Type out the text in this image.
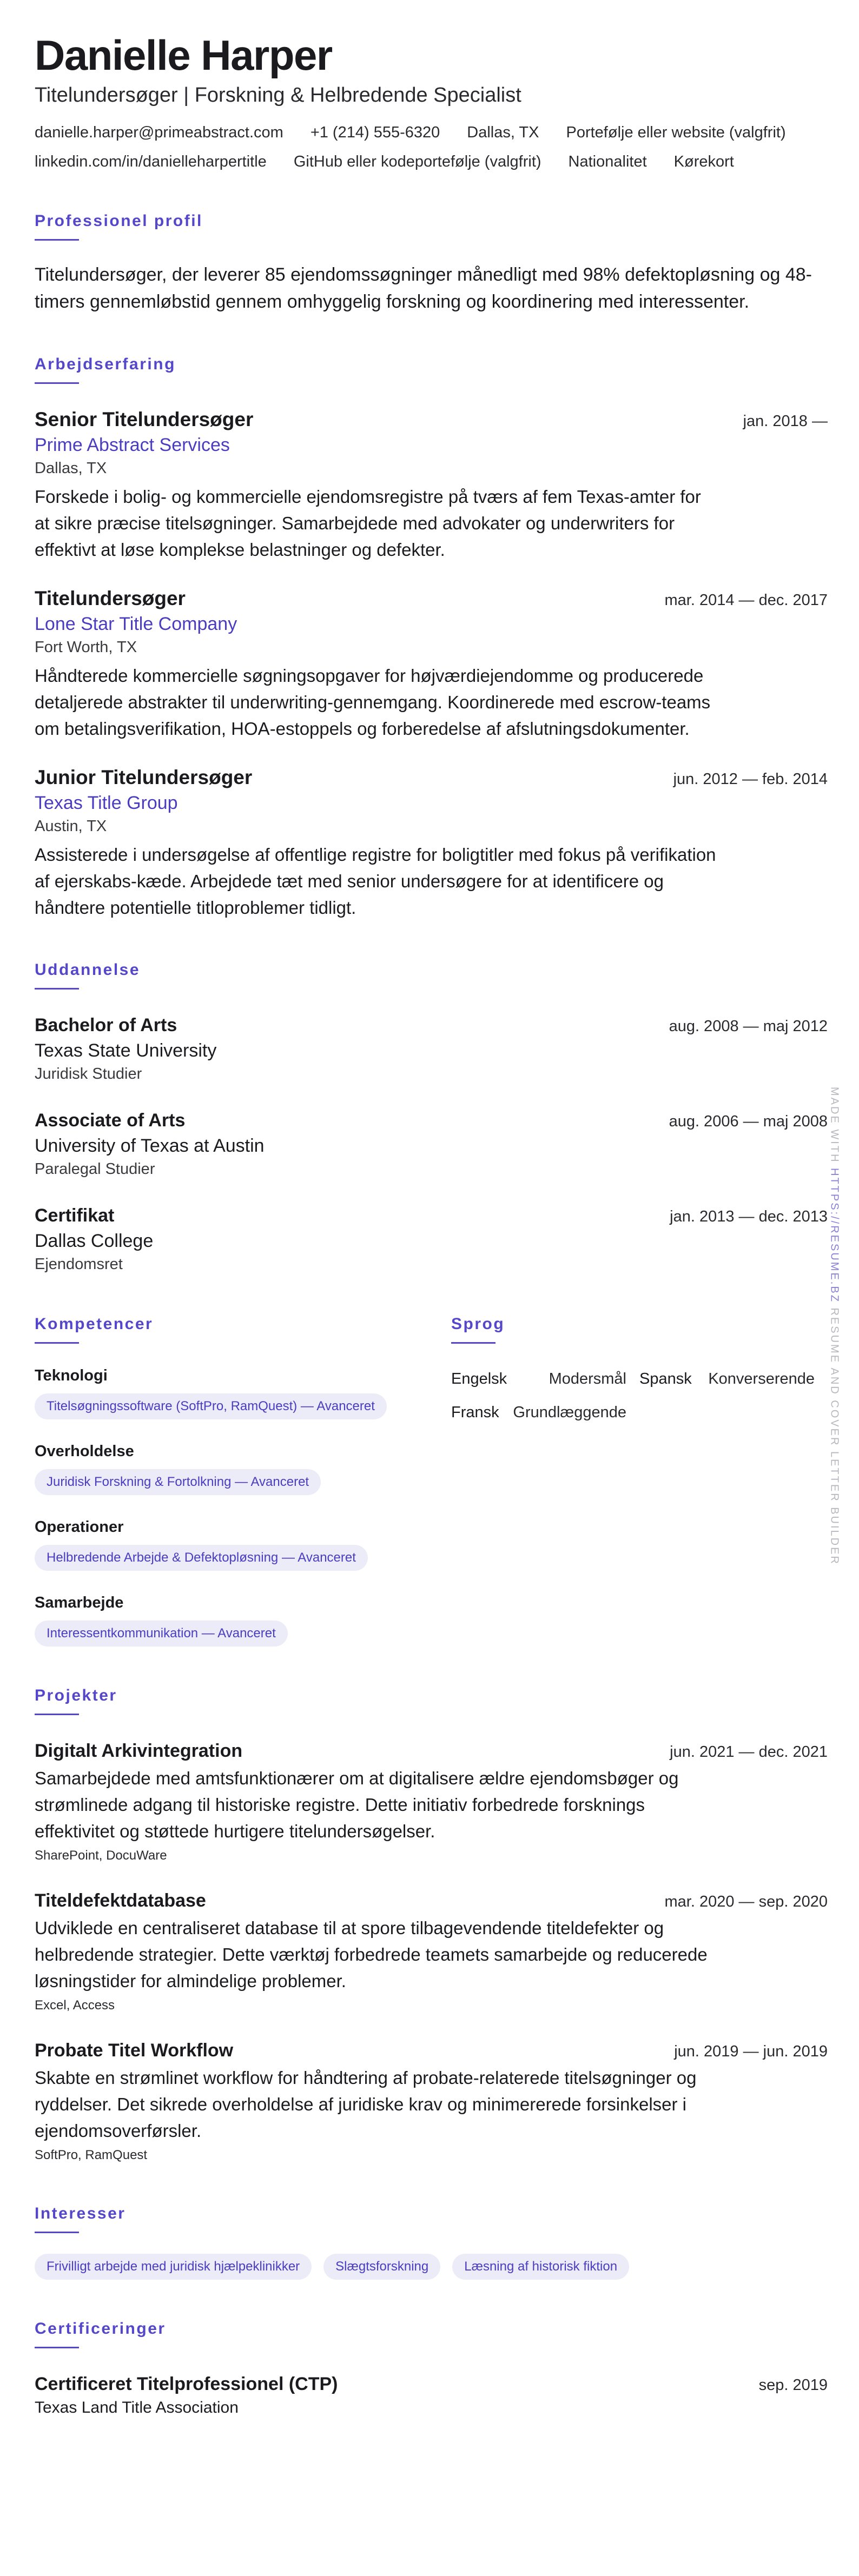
Danielle Harper
Titelundersøger | Forskning & Helbredende Specialist
danielle.harper@primeabstract.com +1 (214) 555-6320 Dallas, TX Portefølje eller website (valgfrit)
linkedin.com/in/danielleharpertitle GitHub eller kodeportefølje (valgfrit) Nationalitet Kørekort
Professionel profil
Titelundersøger, der leverer 85 ejendomssøgninger månedligt med 98% defektopløsning og 48-timers gennemløbstid gennem omhyggelig forskning og koordinering med interessenter.
Arbejdserfaring
Senior Titelundersøger	jan. 2018 —
Prime Abstract Services
Dallas, TX
Forskede i bolig- og kommercielle ejendomsregistre på tværs af fem Texas-amter for at sikre præcise titelsøgninger. Samarbejdede med advokater og underwriters for effektivt at løse komplekse belastninger og defekter.
Titelundersøger	mar. 2014 — dec. 2017
Lone Star Title Company
Fort Worth, TX
Håndterede kommercielle søgningsopgaver for højværdiejendomme og producerede detaljerede abstrakter til underwriting-gennemgang. Koordinerede med escrow-teams om betalingsverifikation, HOA-estoppels og forberedelse af afslutningsdokumenter.
Junior Titelundersøger	jun. 2012 — feb. 2014
Texas Title Group
Austin, TX
Assisterede i undersøgelse af offentlige registre for boligtitler med fokus på verifikation af ejerskabs-kæde. Arbejdede tæt med senior undersøgere for at identificere og håndtere potentielle titloproblemer tidligt.
Uddannelse
Bachelor of Arts	aug. 2008 — maj 2012
Texas State University
Juridisk Studier
Associate of Arts	aug. 2006 — maj 2008
University of Texas at Austin
Paralegal Studier
Certifikat	jan. 2013 — dec. 2013
Dallas College
Ejendomsret
Kompetencer
Teknologi
Titelsøgningssoftware (SoftPro, RamQuest) — Avanceret
Overholdelse
Juridisk Forskning & Fortolkning — Avanceret
Operationer
Helbredende Arbejde & Defektopløsning — Avanceret
Samarbejde
Interessentkommunikation — Avanceret
Sprog
Engelsk	Modersmål Spansk Konverserende
Fransk Grundlæggende
Projekter
Digitalt Arkivintegration	jun. 2021 — dec. 2021
Samarbejdede med amtsfunktionærer om at digitalisere ældre ejendomsbøger og strømlinede adgang til historiske registre. Dette initiativ forbedrede forsknings effektivitet og støttede hurtigere titelundersøgelser.
SharePoint, DocuWare
Titeldefektdatabase	mar. 2020 — sep. 2020
Udviklede en centraliseret database til at spore tilbagevendende titeldefekter og helbredende strategier. Dette værktøj forbedrede teamets samarbejde og reducerede løsningstider for almindelige problemer.
Excel, Access
Probate Titel Workflow	jun. 2019 — jun. 2019
Skabte en strømlinet workflow for håndtering af probate-relaterede titelsøgninger og ryddelser. Det sikrede overholdelse af juridiske krav og minimererede forsinkelser i ejendomsoverførsler.
SoftPro, RamQuest
Interesser
Frivilligt arbejde med juridisk hjælpeklinikker	Slægtsforskning	Læsning af historisk fiktion
Certificeringer
Certificeret Titelprofessionel (CTP)	sep. 2019
Texas Land Title Association
MADE WITH HTTPS://RESUME.BZ RESUME AND COVER LETTER BUILDER
